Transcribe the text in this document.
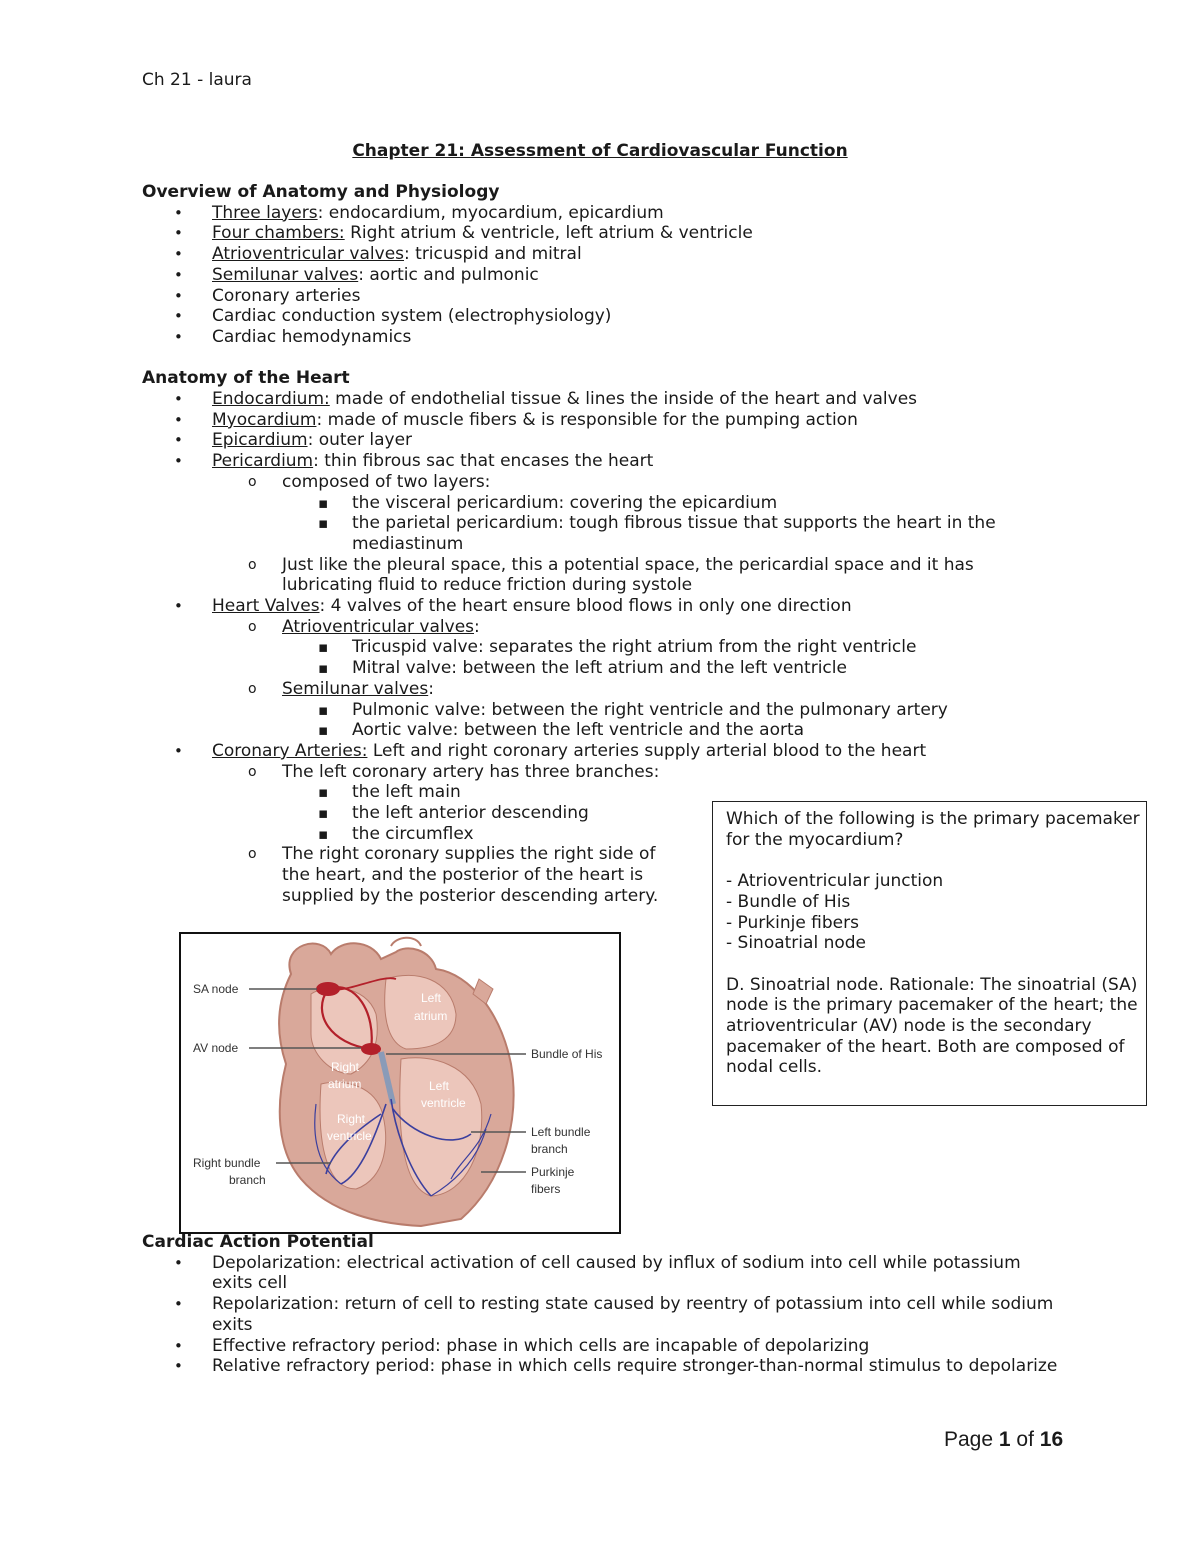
Ch 21 - laura
Chapter 21: Assessment of Cardiovascular Function

Overview of Anatomy and Physiology

• Three layers: endocardium, myocardium, epicardium
• Four chambers: Right atrium & ventricle, left atrium & ventricle
• Atrioventricular valves: tricuspid and mitral
• Semilunar valves: aortic and pulmonic
• Coronary arteries
• Cardiac conduction system (electrophysiology)
• Cardiac hemodynamics

Anatomy of the Heart

• Endocardium: made of endothelial tissue & lines the inside of the heart and valves
• Myocardium: made of muscle fibers & is responsible for the pumping action
• Epicardium: outer layer
• Pericardium: thin fibrous sac that encases the heart
o composed of two layers:
▪ the visceral pericardium: covering the epicardium
▪ the parietal pericardium: tough fibrous tissue that supports the heart in the mediastinum
o Just like the pleural space, this a potential space, the pericardial space and it has lubricating fluid to reduce friction during systole
• Heart Valves: 4 valves of the heart ensure blood flows in only one direction
o Atrioventricular valves:
▪ Tricuspid valve: separates the right atrium from the right ventricle
▪ Mitral valve: between the left atrium and the left ventricle
o Semilunar valves:
▪ Pulmonic valve: between the right ventricle and the pulmonary artery
▪ Aortic valve: between the left ventricle and the aorta
• Coronary Arteries: Left and right coronary arteries supply arterial blood to the heart
o The left coronary artery has three branches:
▪ the left main
▪ the left anterior descending
▪ the circumflex
o The right coronary supplies the right side of the heart, and the posterior of the heart is supplied by the posterior descending artery.

Which of the following is the primary pacemaker for the myocardium?

- Atrioventricular junction

- Bundle of His

- Purkinje fibers

- Sinoatrial node

D. Sinoatrial node. Rationale: The sinoatrial (SA) node is the primary pacemaker of the heart; the atrioventricular (AV) node is the secondary pacemaker of the heart. Both are composed of nodal cells.

SA node
AV node
Left
atrium
Right
atrium	Left
ventricle
Right
ventricle
Bundle of His
Left bundle
branch
Purkinje
fibers
Right bundle
branch

Cardiac Action Potential

• Depolarization: electrical activation of cell caused by influx of sodium into cell while potassium exits cell
• Repolarization: return of cell to resting state caused by reentry of potassium into cell while sodium exits
• Effective refractory period: phase in which cells are incapable of depolarizing
• Relative refractory period: phase in which cells require stronger-than-normal stimulus to depolarize
Page 1 of 16
